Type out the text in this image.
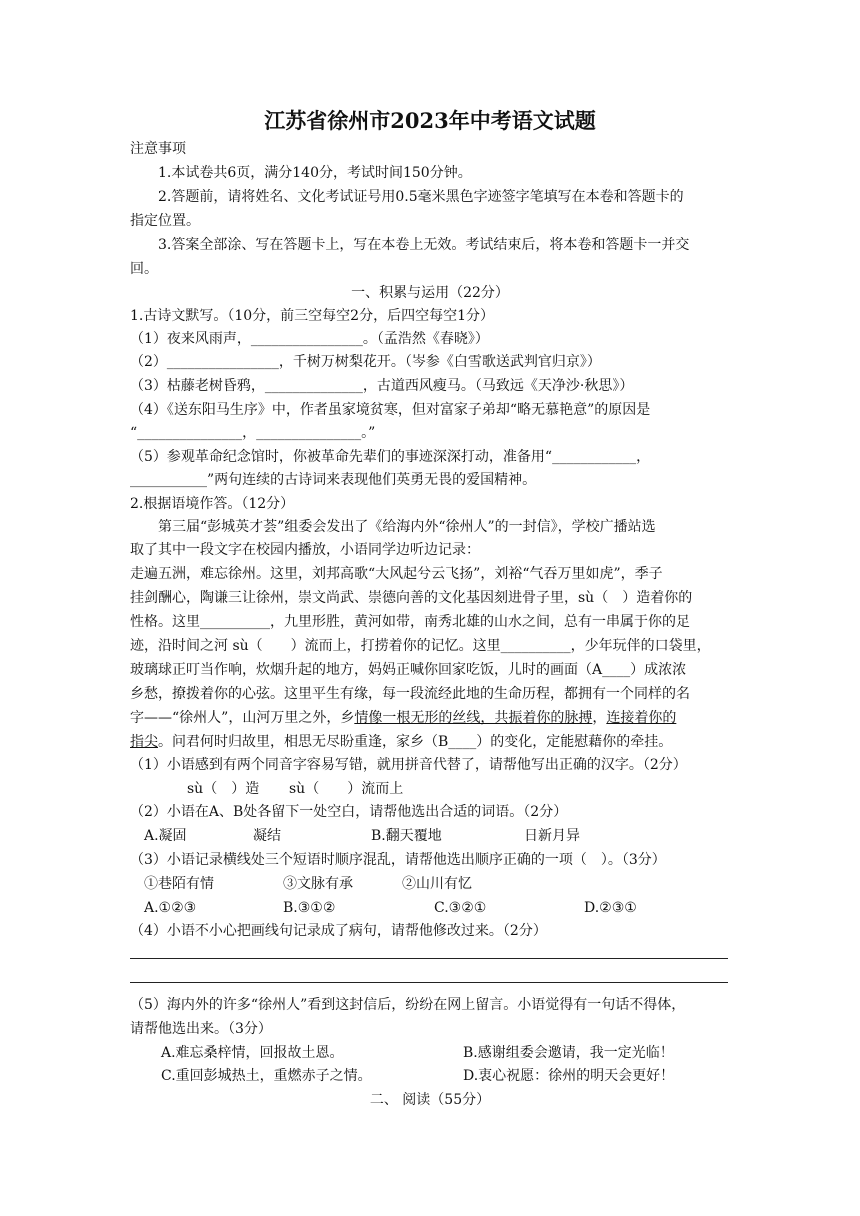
江苏省徐州市2023年中考语文试题
注意事项
1.本试卷共6页，满分140分，考试时间150分钟。
2.答题前，请将姓名、文化考试证号用0.5毫米黑色字迹签字笔填写在本卷和答题卡的
指定位置。
3.答案全部涂、写在答题卡上，写在本卷上无效。考试结束后，将本卷和答题卡一并交
回。
一、积累与运用（22分）
1.古诗文默写。（10分，前三空每空2分，后四空每空1分）
（1）夜来风雨声，________________。（孟浩然《春晓》）
（2）________________，千树万树梨花开。（岑参《白雪歌送武判官归京》）
（3）枯藤老树昏鸦，______________，古道西风瘦马。（马致远《天净沙·秋思》）
（4）《送东阳马生序》中，作者虽家境贫寒，但对富家子弟却“略无慕艳意”的原因是
“_______________，_______________。”
（5）参观革命纪念馆时，你被革命先辈们的事迹深深打动，准备用“____________，
___________”两句连续的古诗词来表现他们英勇无畏的爱国精神。
2.根据语境作答。（12分）
第三届“彭城英才荟”组委会发出了《给海内外“徐州人”的一封信》，学校广播站选
取了其中一段文字在校园内播放，小语同学边听边记录：
走遍五洲，难忘徐州。这里，刘邦高歌“大风起兮云飞扬”，刘裕“气吞万里如虎”，季子
挂剑酬心，陶谦三让徐州，崇文尚武、崇德向善的文化基因刻进骨子里，sù（　）造着你的
性格。这里__________，九里形胜，黄河如带，南秀北雄的山水之间，总有一串属于你的足
迹，沿时间之河 sù（　　）流而上，打捞着你的记忆。这里__________，少年玩伴的口袋里，
玻璃球正叮当作响，炊烟升起的地方，妈妈正喊你回家吃饭，儿时的画面（A____）成浓浓
乡愁，撩拨着你的心弦。这里平生有缘，每一段流经此地的生命历程，都拥有一个同样的名
字——“徐州人”，山河万里之外，乡情像一根无形的丝线，共振着你的脉搏，连接着你的
指尖。问君何时归故里，相思无尽盼重逢，家乡（B____）的变化，定能慰藉你的牵挂。
（1）小语感到有两个同音字容易写错，就用拼音代替了，请帮他写出正确的汉字。（2分）
sù（　）造 sù（　　）流而上
（2）小语在A、B处各留下一处空白，请帮他选出合适的词语。（2分）
A.凝固	凝结	B.翻天覆地	日新月异
（3）小语记录横线处三个短语时顺序混乱，请帮他选出顺序正确的一项（　）。（3分）
①巷陌有情	③文脉有承	②山川有忆
A.①②③	B.③①②	C.③②①	D.②③①
（4）小语不小心把画线句记录成了病句，请帮他修改过来。（2分）
（5）海内外的许多“徐州人”看到这封信后，纷纷在网上留言。小语觉得有一句话不得体，
请帮他选出来。（3分）
A.难忘桑梓情，回报故土恩。	B.感谢组委会邀请，我一定光临！
C.重回彭城热土，重燃赤子之情。	D.衷心祝愿：徐州的明天会更好！
二、 阅读（55分）
